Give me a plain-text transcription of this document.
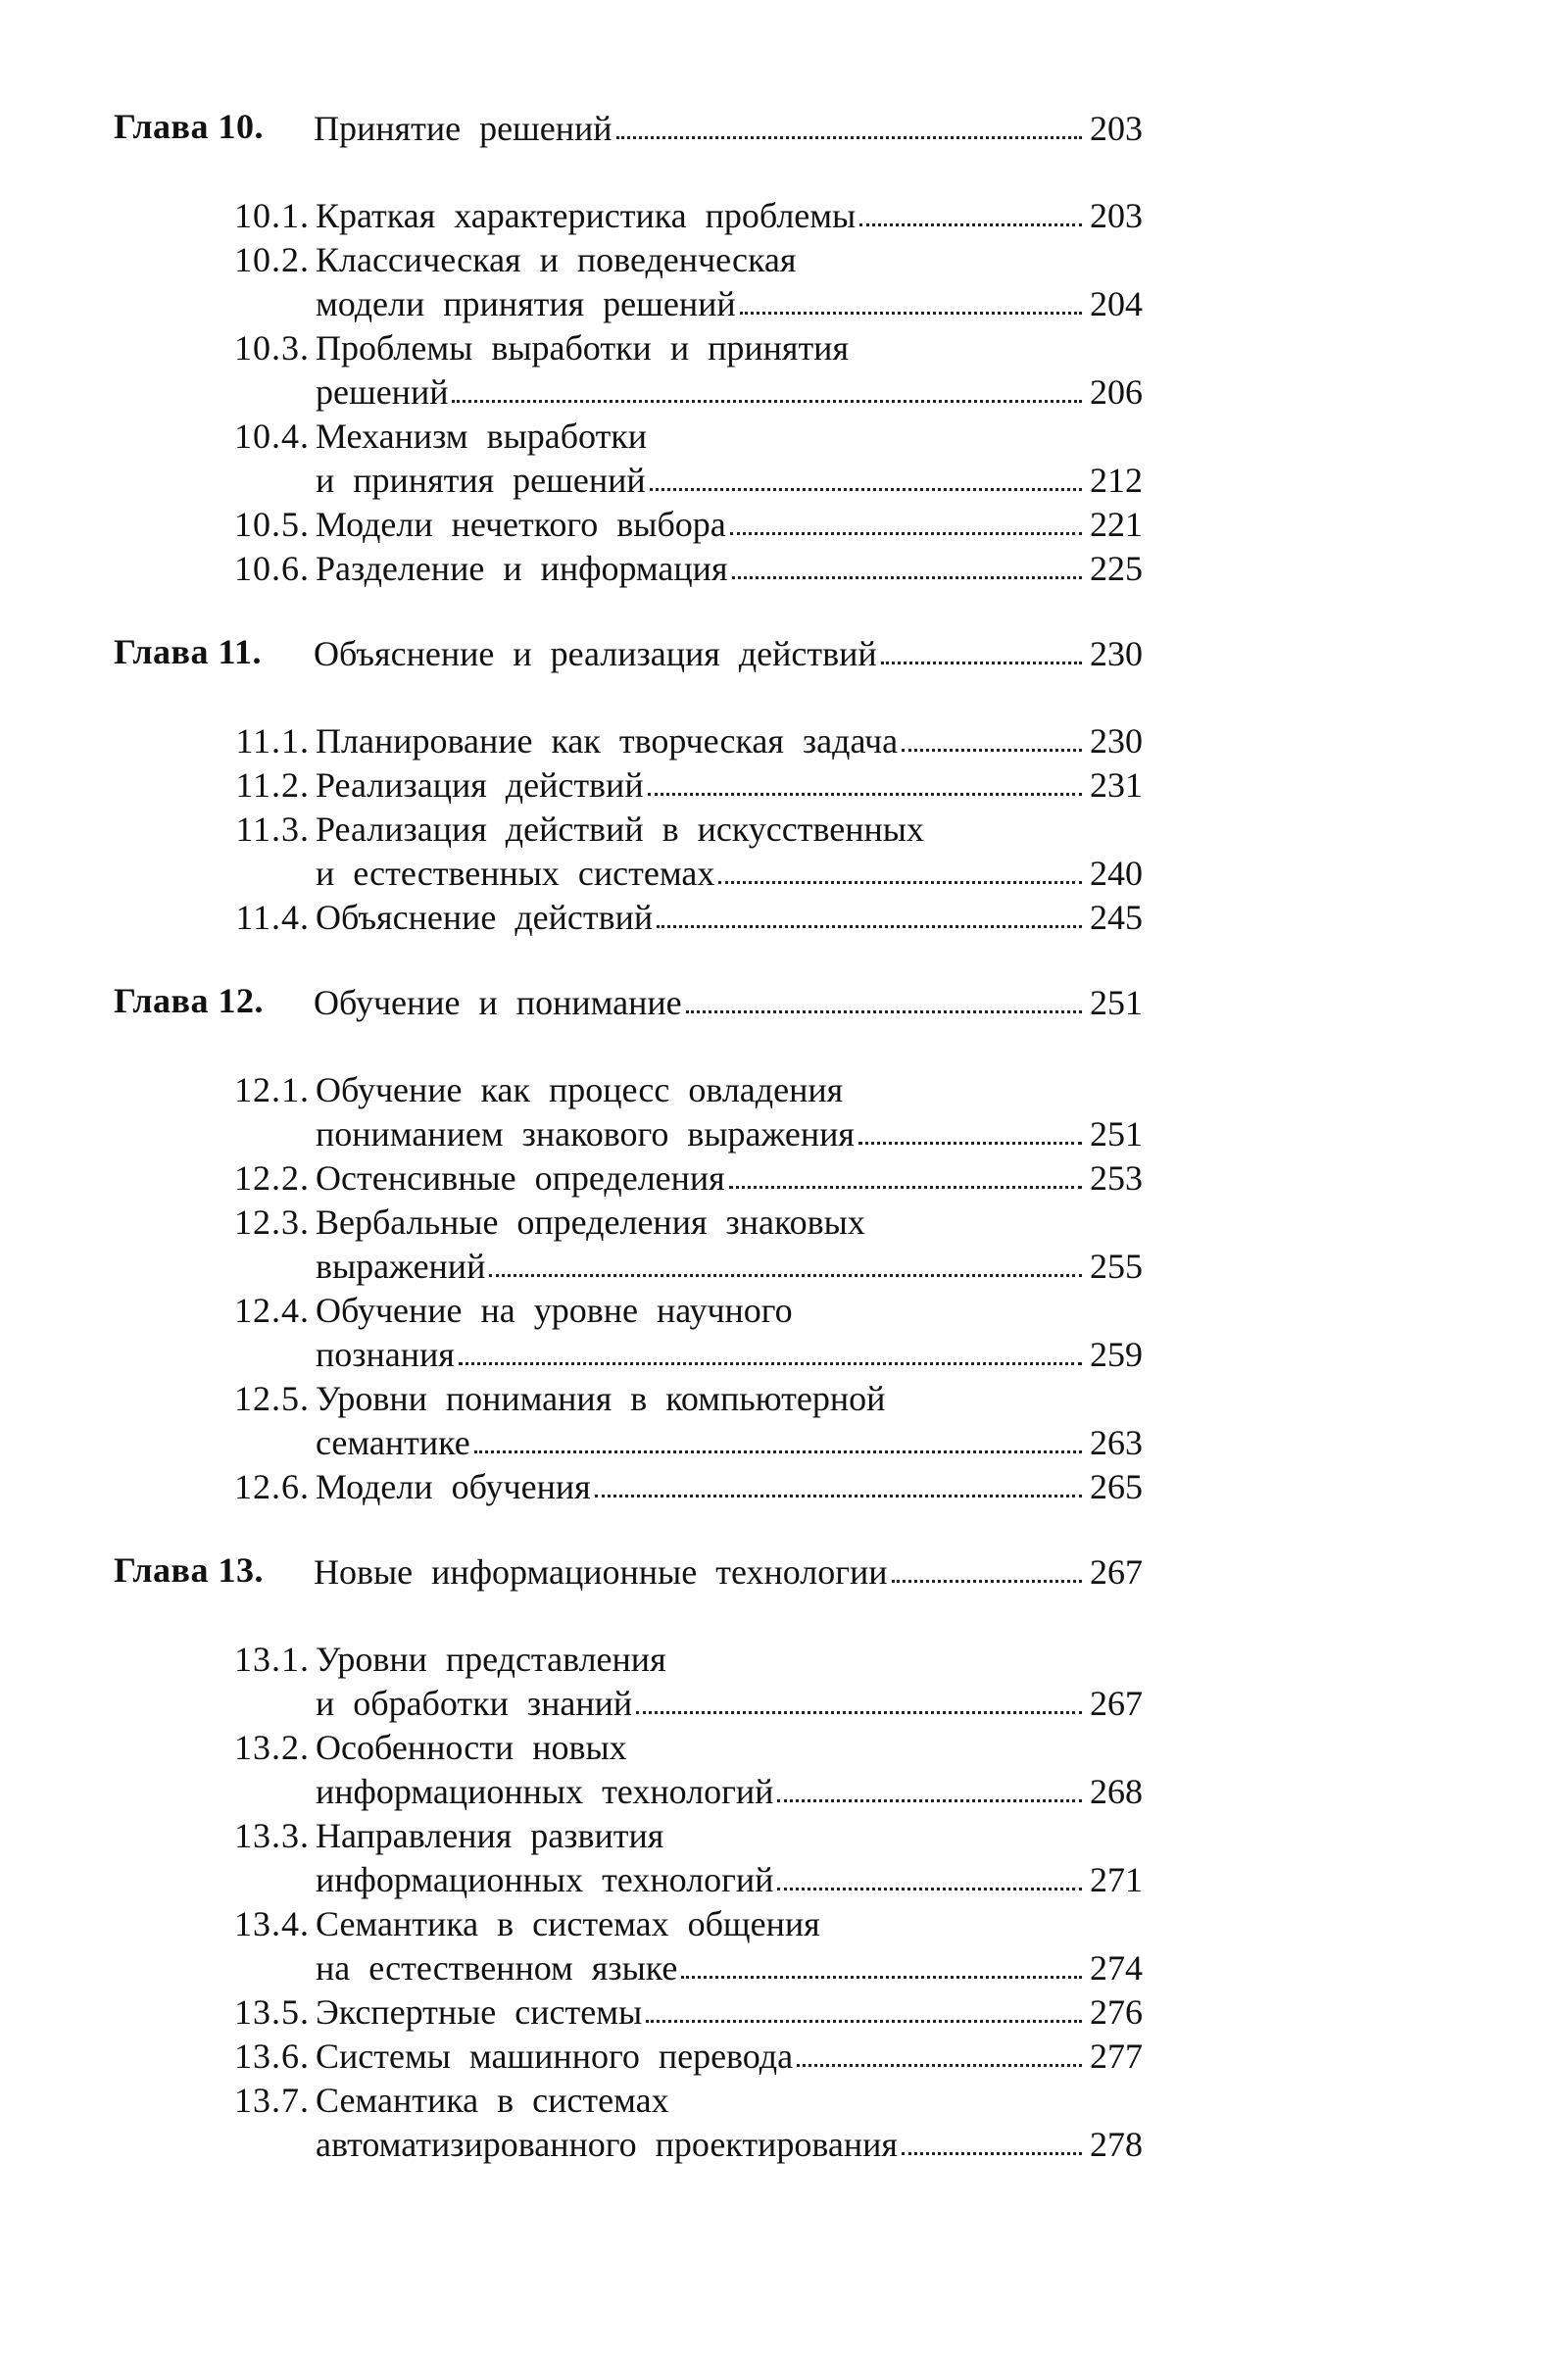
Глава 10. Принятие решений	203
10.1. Краткая характеристика проблемы	203
10.2. Классическая и поведенческая
модели принятия решений	204
10.3. Проблемы выработки и принятия
решений	206
10.4. Механизм выработки
и принятия решений	212
10.5. Модели нечеткого выбора	221
10.6. Разделение и информация	225
Глава 11. Объяснение и реализация действий	230
11.1. Планирование как творческая задача	230
11.2. Реализация действий	231
11.3. Реализация действий в искусственных
и естественных системах	240
11.4. Объяснение действий	245
Глава 12. Обучение и понимание	251
12.1. Обучение как процесс овладения
пониманием знакового выражения	251
12.2. Остенсивные определения	253
12.3. Вербальные определения знаковых
выражений	255
12.4. Обучение на уровне научного
познания	259
12.5. Уровни понимания в компьютерной
семантике	263
12.6. Модели обучения	265
Глава 13. Новые информационные технологии	267
13.1. Уровни представления
и обработки знаний	267
13.2. Особенности новых
информационных технологий	268
13.3. Направления развития
информационных технологий	271
13.4. Семантика в системах общения
на естественном языке	274
13.5. Экспертные системы	276
13.6. Системы машинного перевода	277
13.7. Семантика в системах
автоматизированного проектирования	278
